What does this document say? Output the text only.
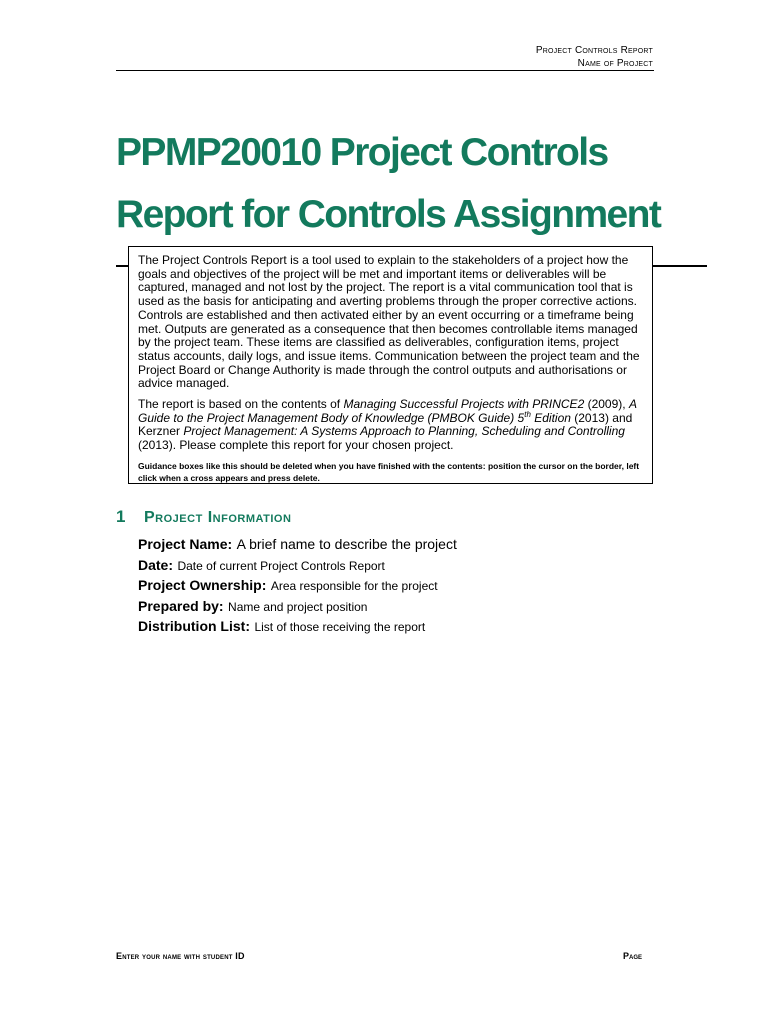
Project Controls Report
Name of Project
PPMP20010 Project Controls
Report for Controls Assignment

The Project Controls Report is a tool used to explain to the stakeholders of a project how the goals and objectives of the project will be met and important items or deliverables will be captured, managed and not lost by the project. The report is a vital communication tool that is used as the basis for anticipating and averting problems through the proper corrective actions. Controls are established and then activated either by an event occurring or a timeframe being met. Outputs are generated as a consequence that then becomes controllable items managed by the project team. These items are classified as deliverables, configuration items, project status accounts, daily logs, and issue items. Communication between the project team and the Project Board or Change Authority is made through the control outputs and authorisations or advice managed.

The report is based on the contents of Managing Successful Projects with PRINCE2 (2009), A Guide to the Project Management Body of Knowledge (PMBOK Guide) 5th Edition (2013) and Kerzner Project Management: A Systems Approach to Planning, Scheduling and Controlling (2013). Please complete this report for your chosen project.

Guidance boxes like this should be deleted when you have finished with the contents: position the cursor on the border, left click when a cross appears and press delete.

1 Project Information
Project Name: A brief name to describe the project
Date: Date of current Project Controls Report
Project Ownership: Area responsible for the project
Prepared by: Name and project position
Distribution List: List of those receiving the report
Enter your name with student ID	Page
